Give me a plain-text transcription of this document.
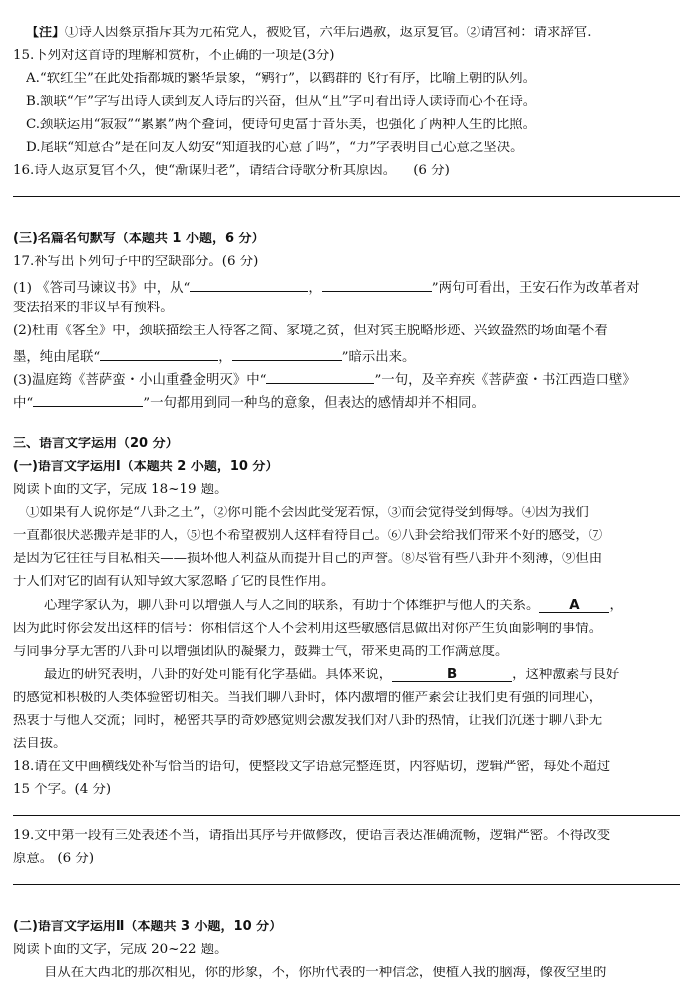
【注】①诗人因蔡京指斥其为元祐党人，被贬官，六年后遇赦，返京复官。②请宫祠：请求辞官.
15.下列对这首诗的理解和赏析，不正确的一项是(3分)
A.“软红尘”在此处指都城的繁华景象，“鹓行”，以鹤群的飞行有序，比喻上朝的队列。
B.颔联“乍”字写出诗人读到友人诗后的兴奋，但从“且”字可看出诗人读诗而心不在诗。
C.颈联运用“寂寂”“累累”两个叠词，使诗句更富于音乐美，也强化了两种人生的比照。
D.尾联“知意否”是在问友人幼安“知道我的心意了吗”，“力”字表明自己心意之坚决。
16.诗人返京复官不久，便“渐谋归老”，请结合诗歌分析其原因。 (6 分)
(三)名篇名句默写（本题共 1 小题，6 分）
17.补写出下列句子中的空缺部分。(6 分)
(1) 《答司马谏议书》中，从“	，	”两句可看出，王安石作为改革者对
变法招来的非议早有预料。
(2)杜甫《客至》中，颈联描绘主人待客之简、家境之贫，但对宾主脱略形迹、兴致盎然的场面毫不着
墨，纯由尾联“	，	”暗示出来。
(3)温庭筠《菩萨蛮・小山重叠金明灭》中“	”一句，及辛弃疾《菩萨蛮・书江西造口壁》
中“	”一句都用到同一种鸟的意象，但表达的感情却并不相同。
三、语言文字运用（20 分）
(一)语言文字运用Ⅰ（本题共 2 小题，10 分）
阅读下面的文字，完成 18~19 题。
①如果有人说你是“八卦之王”，②你可能不会因此受宠若惊，③而会觉得受到侮辱。④因为我们
一直都很厌恶搬弄是非的人，⑤也不希望被别人这样看待自己。⑥八卦会给我们带来不好的感受，⑦
是因为它往往与自私相关——损坏他人利益从而提升自己的声誉。⑧尽管有些八卦并不刻薄，⑨但由
于人们对它的固有认知导致大家忽略了它的良性作用。
心理学家认为，聊八卦可以增强人与人之间的联系，有助于个体维护与他人的关系。 A ，
因为此时你会发出这样的信号：你相信这个人不会利用这些敏感信息做出对你产生负面影响的事情。
与同事分享无害的八卦可以增强团队的凝聚力，鼓舞士气，带来更高的工作满意度。
最近的研究表明，八卦的好处可能有化学基础。具体来说，	B	，这种激素与良好
的感觉和积极的人类体验密切相关。当我们聊八卦时，体内激增的催产素会让我们更有强的同理心，
热衷于与他人交流；同时，秘密共享的奇妙感觉则会激发我们对八卦的热情，让我们沉迷于聊八卦无
法自拔。
18.请在文中画横线处补写恰当的语句，使整段文字语意完整连贯，内容贴切，逻辑严密，每处不超过
15 个字。(4 分)
19.文中第一段有三处表述不当，请指出其序号并做修改，使语言表达准确流畅，逻辑严密。不得改变
原意。 (6 分)
(二)语言文字运用Ⅱ（本题共 3 小题，10 分）
阅读下面的文字，完成 20~22 题。
自从在大西北的那次相见，你的形象，不，你所代表的一种信念，便植入我的脑海，像夜空里的
